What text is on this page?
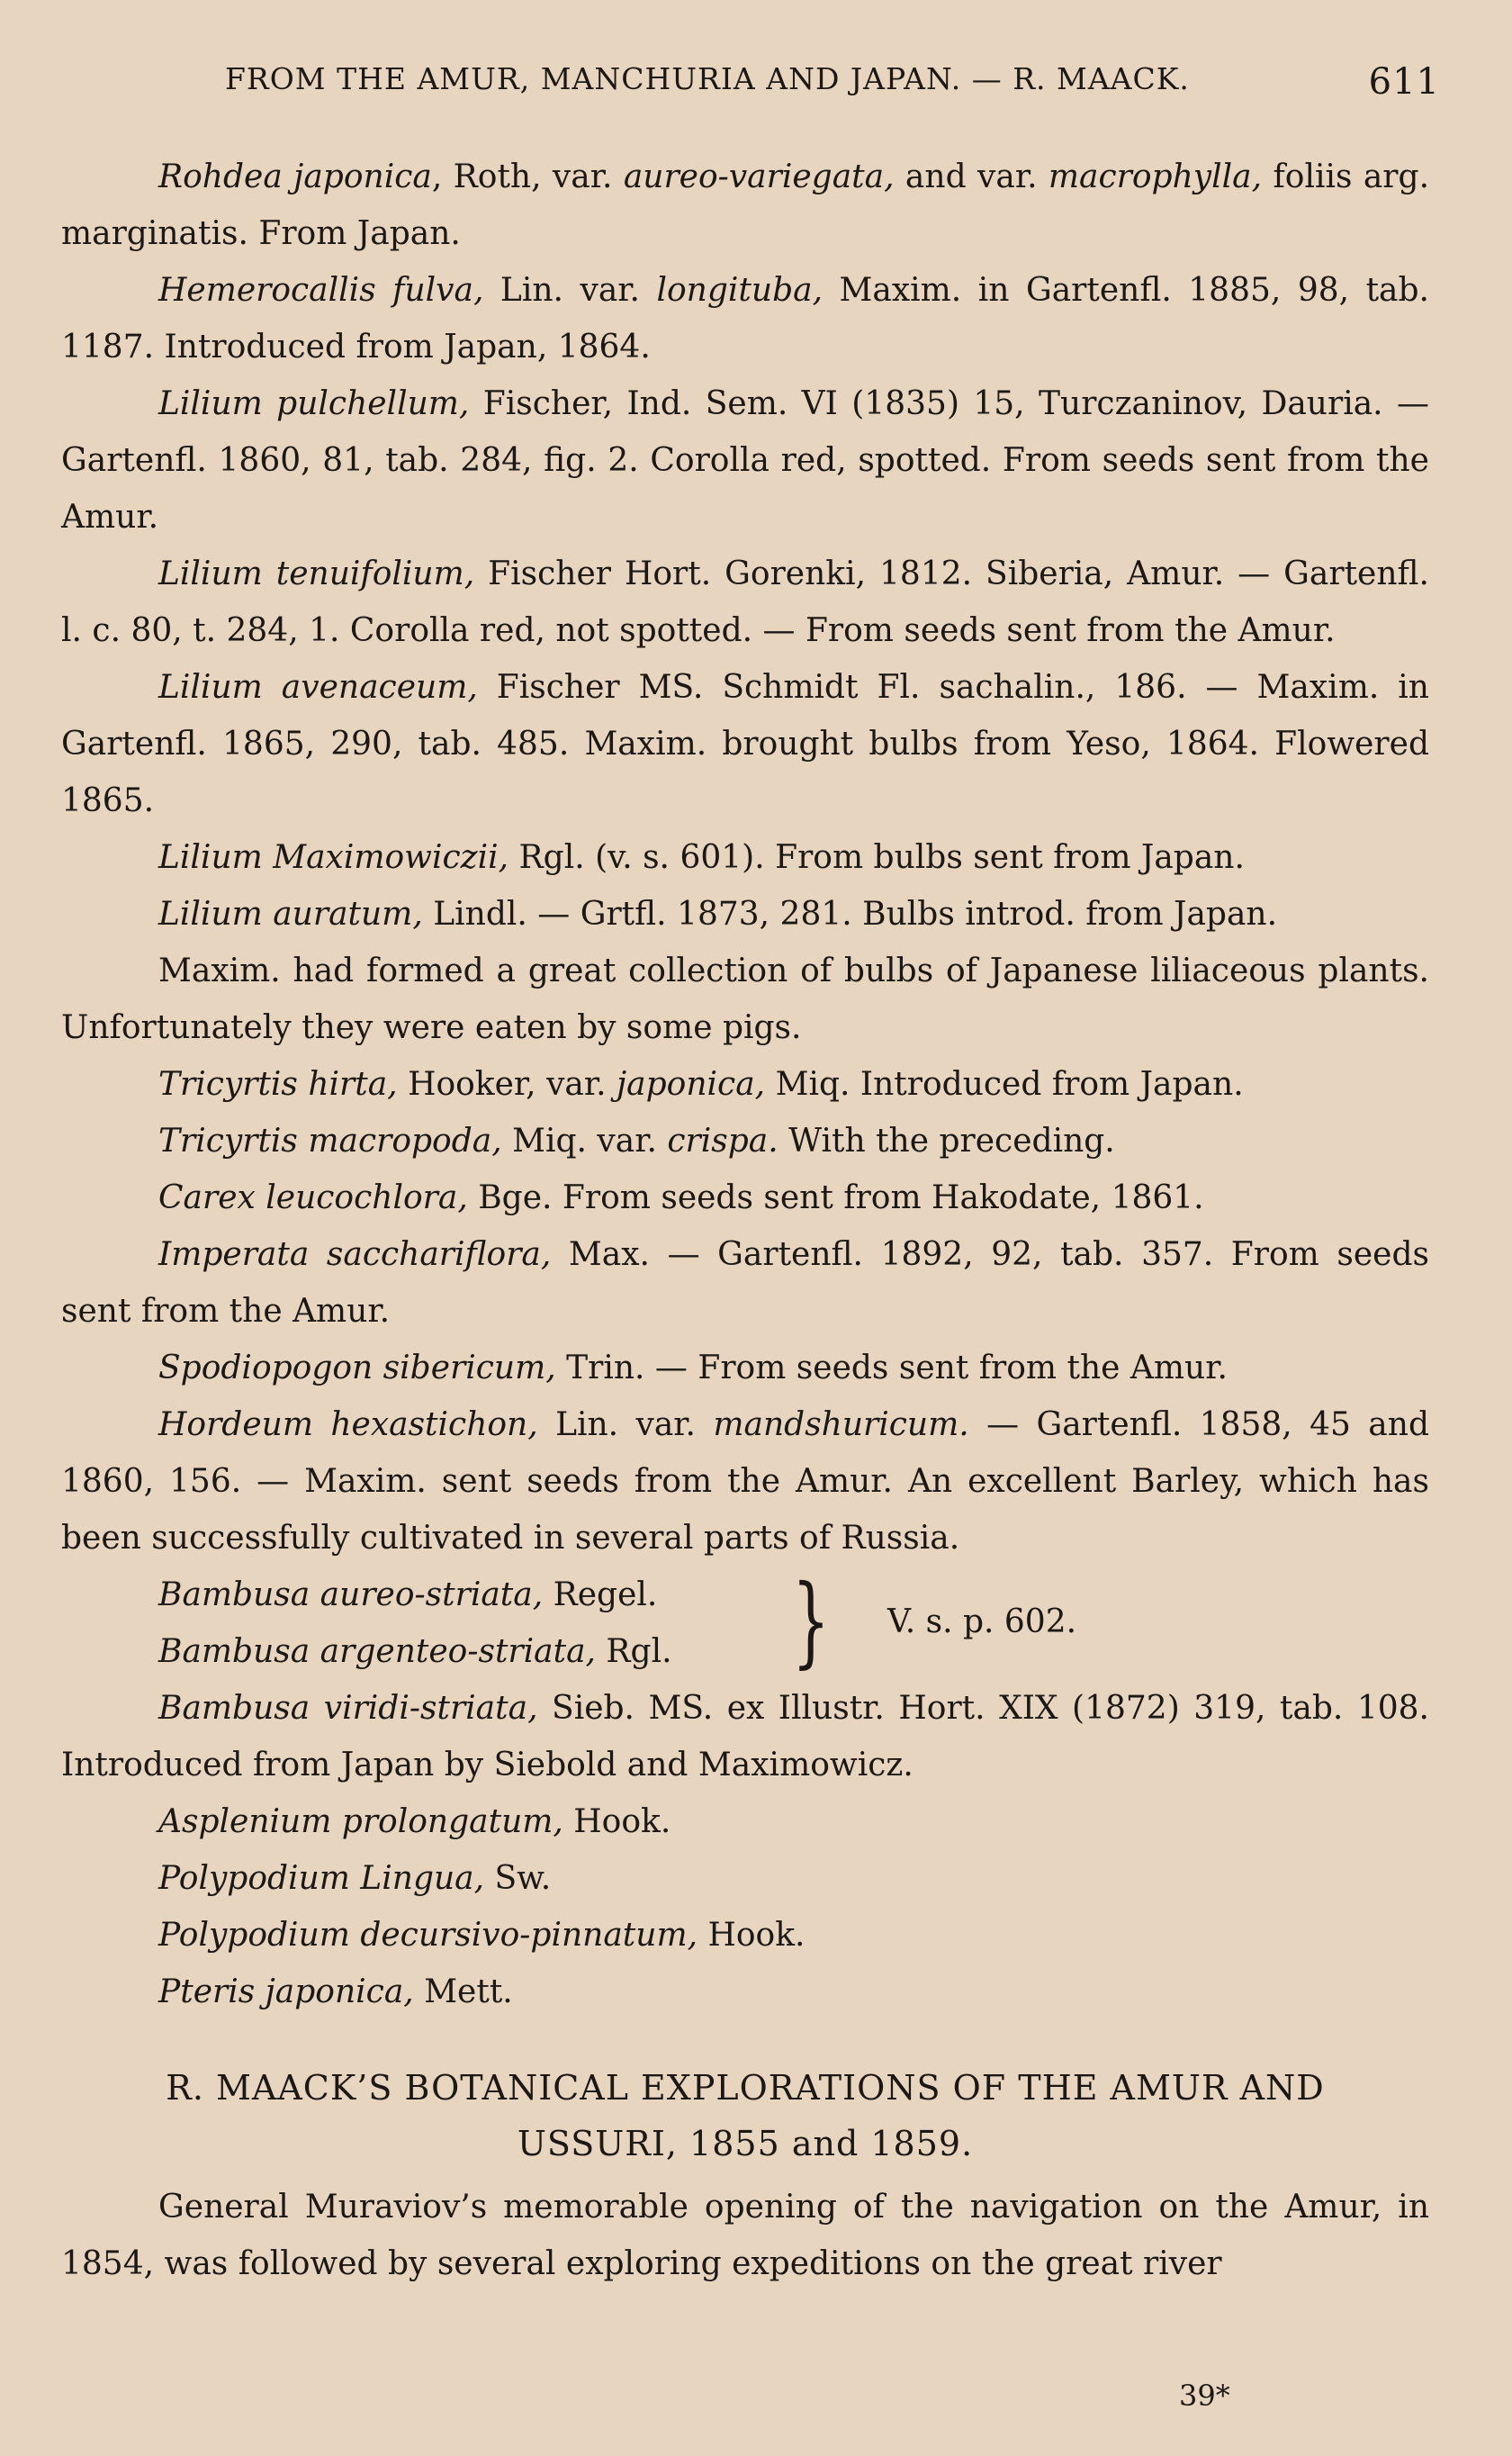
FROM THE AMUR, MANCHURIA AND JAPAN. — R. MAACK.	611

Rohdea japonica, Roth, var. aureo-variegata, and var. macrophylla, foliis arg. marginatis. From Japan.

Hemerocallis fulva, Lin. var. longituba, Maxim. in Gartenfl. 1885, 98, tab. 1187. Introduced from Japan, 1864.

Lilium pulchellum, Fischer, Ind. Sem. VI (1835) 15, Turczaninov, Dauria. — Gartenfl. 1860, 81, tab. 284, fig. 2. Corolla red, spotted. From seeds sent from the Amur.

Lilium tenuifolium, Fischer Hort. Gorenki, 1812. Siberia, Amur. — Gartenfl. l. c. 80, t. 284, 1. Corolla red, not spotted. — From seeds sent from the Amur.

Lilium avenaceum, Fischer MS. Schmidt Fl. sachalin., 186. — Maxim. in Gartenfl. 1865, 290, tab. 485. Maxim. brought bulbs from Yeso, 1864. Flowered 1865.

Lilium Maximowiczii, Rgl. (v. s. 601). From bulbs sent from Japan.

Lilium auratum, Lindl. — Grtfl. 1873, 281. Bulbs introd. from Japan.

Maxim. had formed a great collection of bulbs of Japanese liliaceous plants. Unfortunately they were eaten by some pigs.

Tricyrtis hirta, Hooker, var. japonica, Miq. Introduced from Japan.

Tricyrtis macropoda, Miq. var. crispa. With the preceding.

Carex leucochlora, Bge. From seeds sent from Hakodate, 1861.

Imperata sacchariflora, Max. — Gartenfl. 1892, 92, tab. 357. From seeds sent from the Amur.

Spodiopogon sibericum, Trin. — From seeds sent from the Amur.

Hordeum hexastichon, Lin. var. mandshuricum. — Gartenfl. 1858, 45 and 1860, 156. — Maxim. sent seeds from the Amur. An excellent Barley, which has been successfully cultivated in several parts of Russia.

Bambusa aureo-striata, Regel.
Bambusa argenteo-striata, Rgl. } V. s. p. 602.

Bambusa viridi-striata, Sieb. MS. ex Illustr. Hort. XIX (1872) 319, tab. 108. Introduced from Japan by Siebold and Maximowicz.

Asplenium prolongatum, Hook.

Polypodium Lingua, Sw.

Polypodium decursivo-pinnatum, Hook.

Pteris japonica, Mett.

R. MAACK’S BOTANICAL EXPLORATIONS OF THE AMUR AND
USSURI, 1855 and 1859.

General Muraviov’s memorable opening of the navigation on the Amur, in 1854, was followed by several exploring expeditions on the great river

39*
